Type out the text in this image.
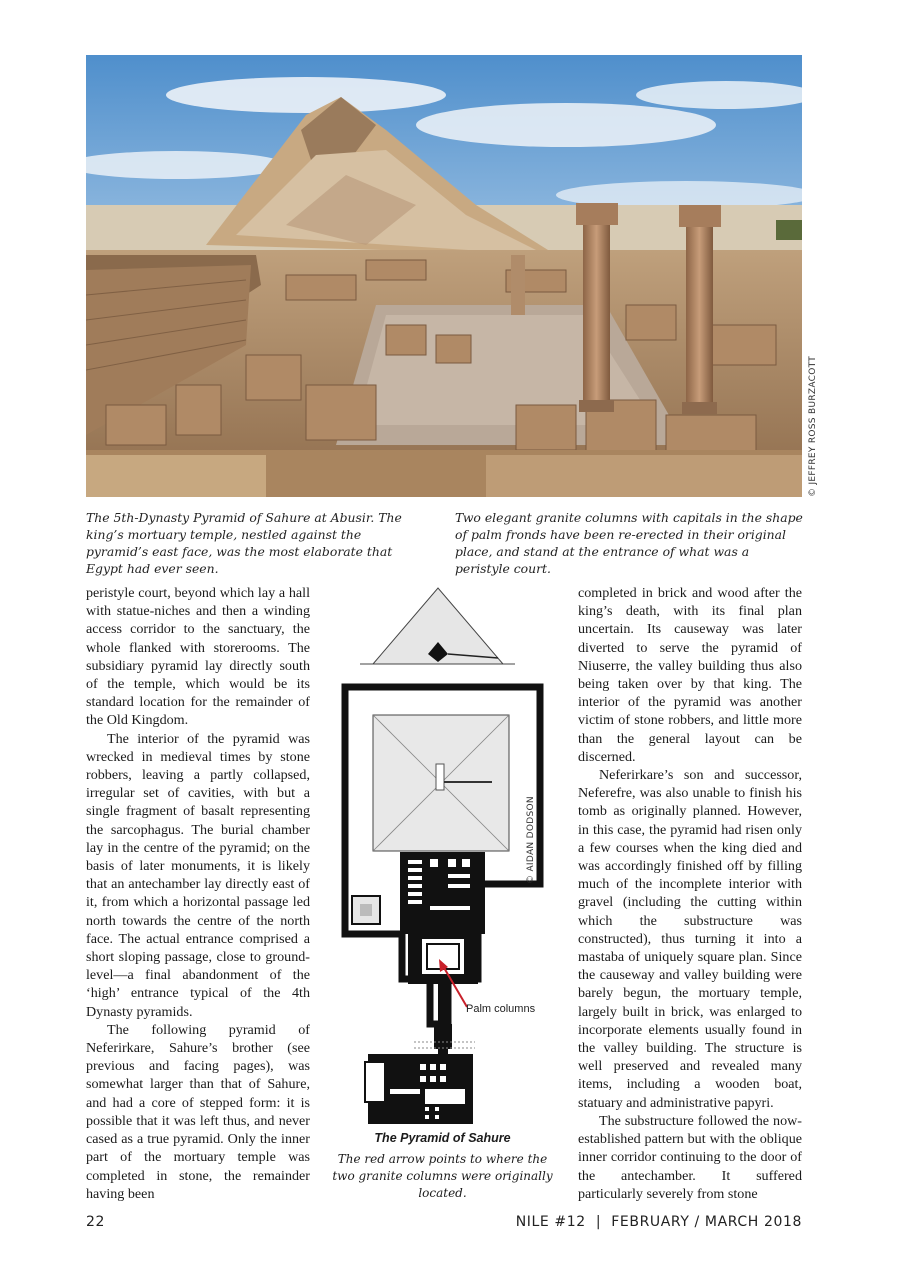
© JEFFREY ROSS BURZACOTT

The 5th-Dynasty Pyramid of Sahure at Abusir. The king’s mortuary temple, nestled against the pyramid’s east face, was the most elaborate that Egypt had ever seen.

Two elegant granite columns with capitals in the shape of palm fronds have been re-erected in their original place, and stand at the entrance of what was a peristyle court.

peristyle court, beyond which lay a hall with statue-niches and then a winding access corridor to the sanctuary, the whole flanked with storerooms. The subsidiary pyramid lay directly south of the temple, which would be its standard location for the remainder of the Old Kingdom.

The interior of the pyramid was wrecked in medieval times by stone robbers, leaving a partly collapsed, irregular set of cavities, with but a single fragment of basalt representing the sarcophagus. The burial chamber lay in the centre of the pyramid; on the basis of later monuments, it is likely that an antechamber lay directly east of it, from which a horizontal passage led north towards the centre of the north face. The actual entrance comprised a short sloping passage, close to ground-level—a final abandonment of the ‘high’ entrance typical of the 4th Dynasty pyramids.

The following pyramid of Neferirkare, Sahure’s brother (see previous and facing pages), was somewhat larger than that of Sahure, and had a core of stepped form: it is possible that it was left thus, and never cased as a true pyramid. Only the inner part of the mortuary temple was completed in stone, the remainder having been

Palm columns
© AIDAN DODSON

The Pyramid of Sahure

The red arrow points to where the two granite columns were originally located.

completed in brick and wood after the king’s death, with its final plan uncertain. Its causeway was later diverted to serve the pyramid of Niuserre, the valley building thus also being taken over by that king. The interior of the pyramid was another victim of stone robbers, and little more than the general layout can be discerned.

Neferirkare’s son and successor, Neferefre, was also unable to finish his tomb as originally planned. However, in this case, the pyramid had risen only a few courses when the king died and was accordingly finished off by filling much of the incomplete interior with gravel (including the cutting within which the substructure was constructed), thus turning it into a mastaba of uniquely square plan. Since the causeway and valley building were barely begun, the mortuary temple, largely built in brick, was enlarged to incorporate elements usually found in the valley building. The structure is well preserved and revealed many items, including a wooden boat, statuary and administrative papyri.

The substructure followed the now-established pattern but with the oblique inner corridor continuing to the door of the antechamber. It suffered particularly severely from stone

22	NILE #12  |  FEBRUARY / MARCH 2018
